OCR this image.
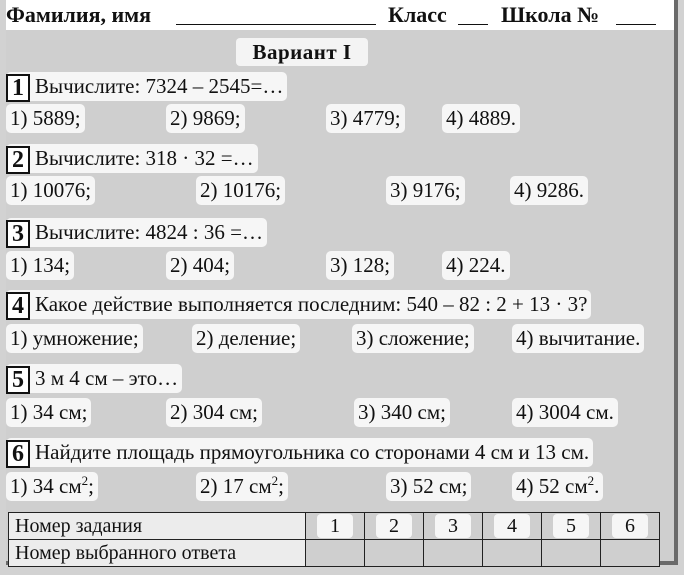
Фамилия, имя	Класс Школа №
Вариант I
1 Вычислите: 7324 – 2545=…
1) 5889;	2) 9869;	3) 4779; 4) 4889.
2 Вычислите: 318 · 32 =…
1) 10076;	2) 10176;	3) 9176;	4) 9286.
3 Вычислите: 4824 : 36 =…
1) 134;	2) 404;	3) 128;	4) 224.
4 Какое действие выполняется последним: 540 – 82 : 2 + 13 · 3?
1) умножение;	2) деление;	3) сложение; 4) вычитание.
5 3 м 4 см – это…
1) 34 см;	2) 304 см;	3) 340 см;	4) 3004 см.
6 Найдите площадь прямоугольника со сторонами 4 см и 13 см.
1) 34 $см^2$;	2) 17 $см^2$;	3) 52 см; 4) 52 $см^2$.
Номер задания	1	2	3	4	5	6
Номер выбранного ответа						
